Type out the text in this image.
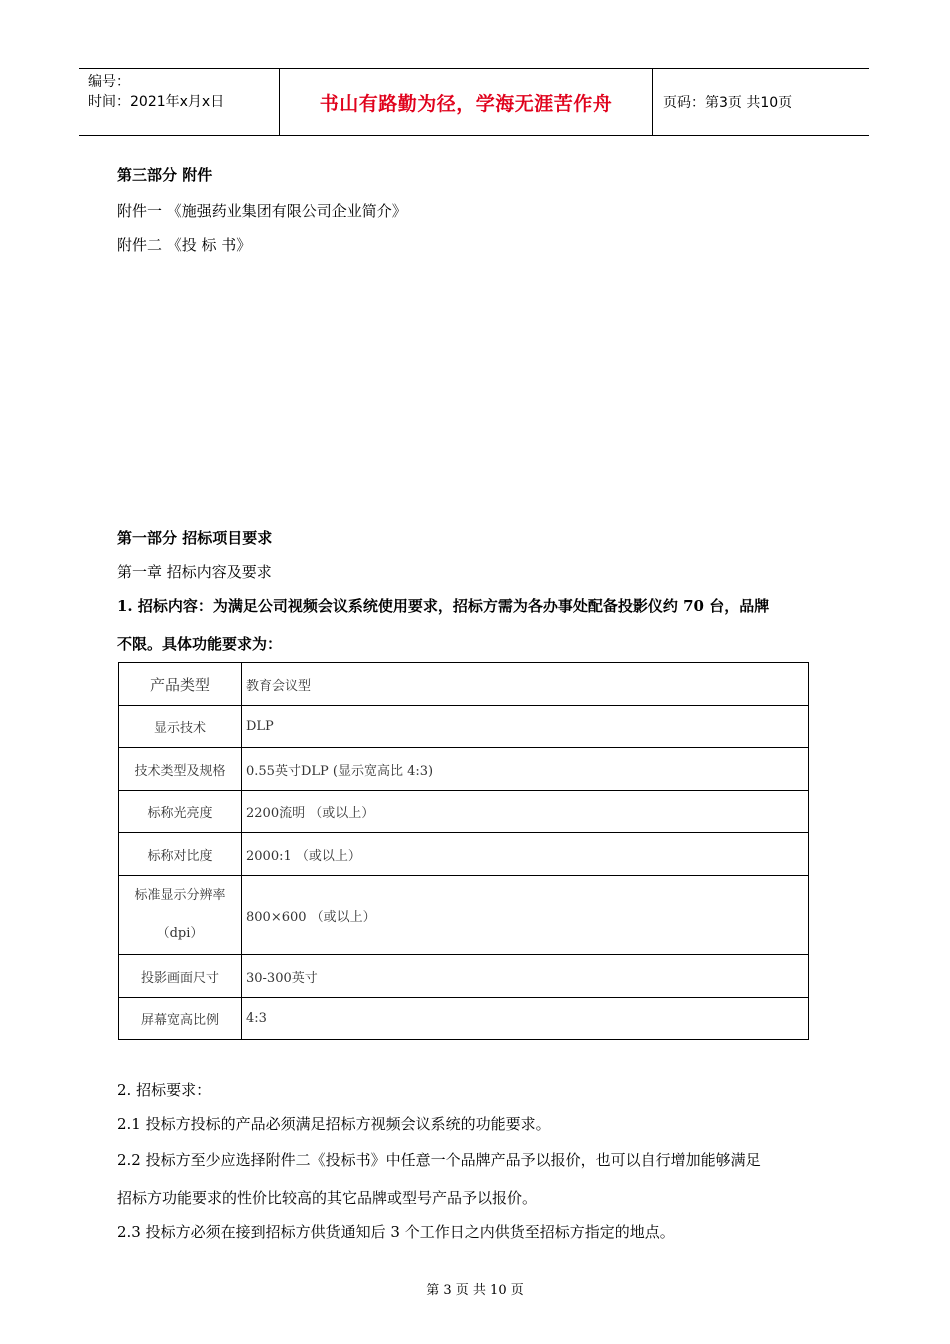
编号：
时间：2021年x月x日	书山有路勤为径，学海无涯苦作舟	页码：第3页 共10页
第三部分 附件
附件一 《施强药业集团有限公司企业简介》
附件二 《投 标 书》
第一部分 招标项目要求
第一章 招标内容及要求
1. 招标内容：为满足公司视频会议系统使用要求，招标方需为各办事处配备投影仪约 70 台，品牌
不限。具体功能要求为：
产品类型	教育会议型
显示技术	DLP
技术类型及规格	0.55英寸DLP (显示宽高比 4:3)
标称光亮度	2200流明 （或以上）
标称对比度	2000:1 （或以上）

标准显示分辨率
（dpi）	800×600 （或以上）
投影画面尺寸	30-300英寸
屏幕宽高比例	4:3
2. 招标要求：
2.1 投标方投标的产品必须满足招标方视频会议系统的功能要求。
2.2 投标方至少应选择附件二《投标书》中任意一个品牌产品予以报价，也可以自行增加能够满足
招标方功能要求的性价比较高的其它品牌或型号产品予以报价。
2.3 投标方必须在接到招标方供货通知后 3 个工作日之内供货至招标方指定的地点。
第 3 页 共 10 页
